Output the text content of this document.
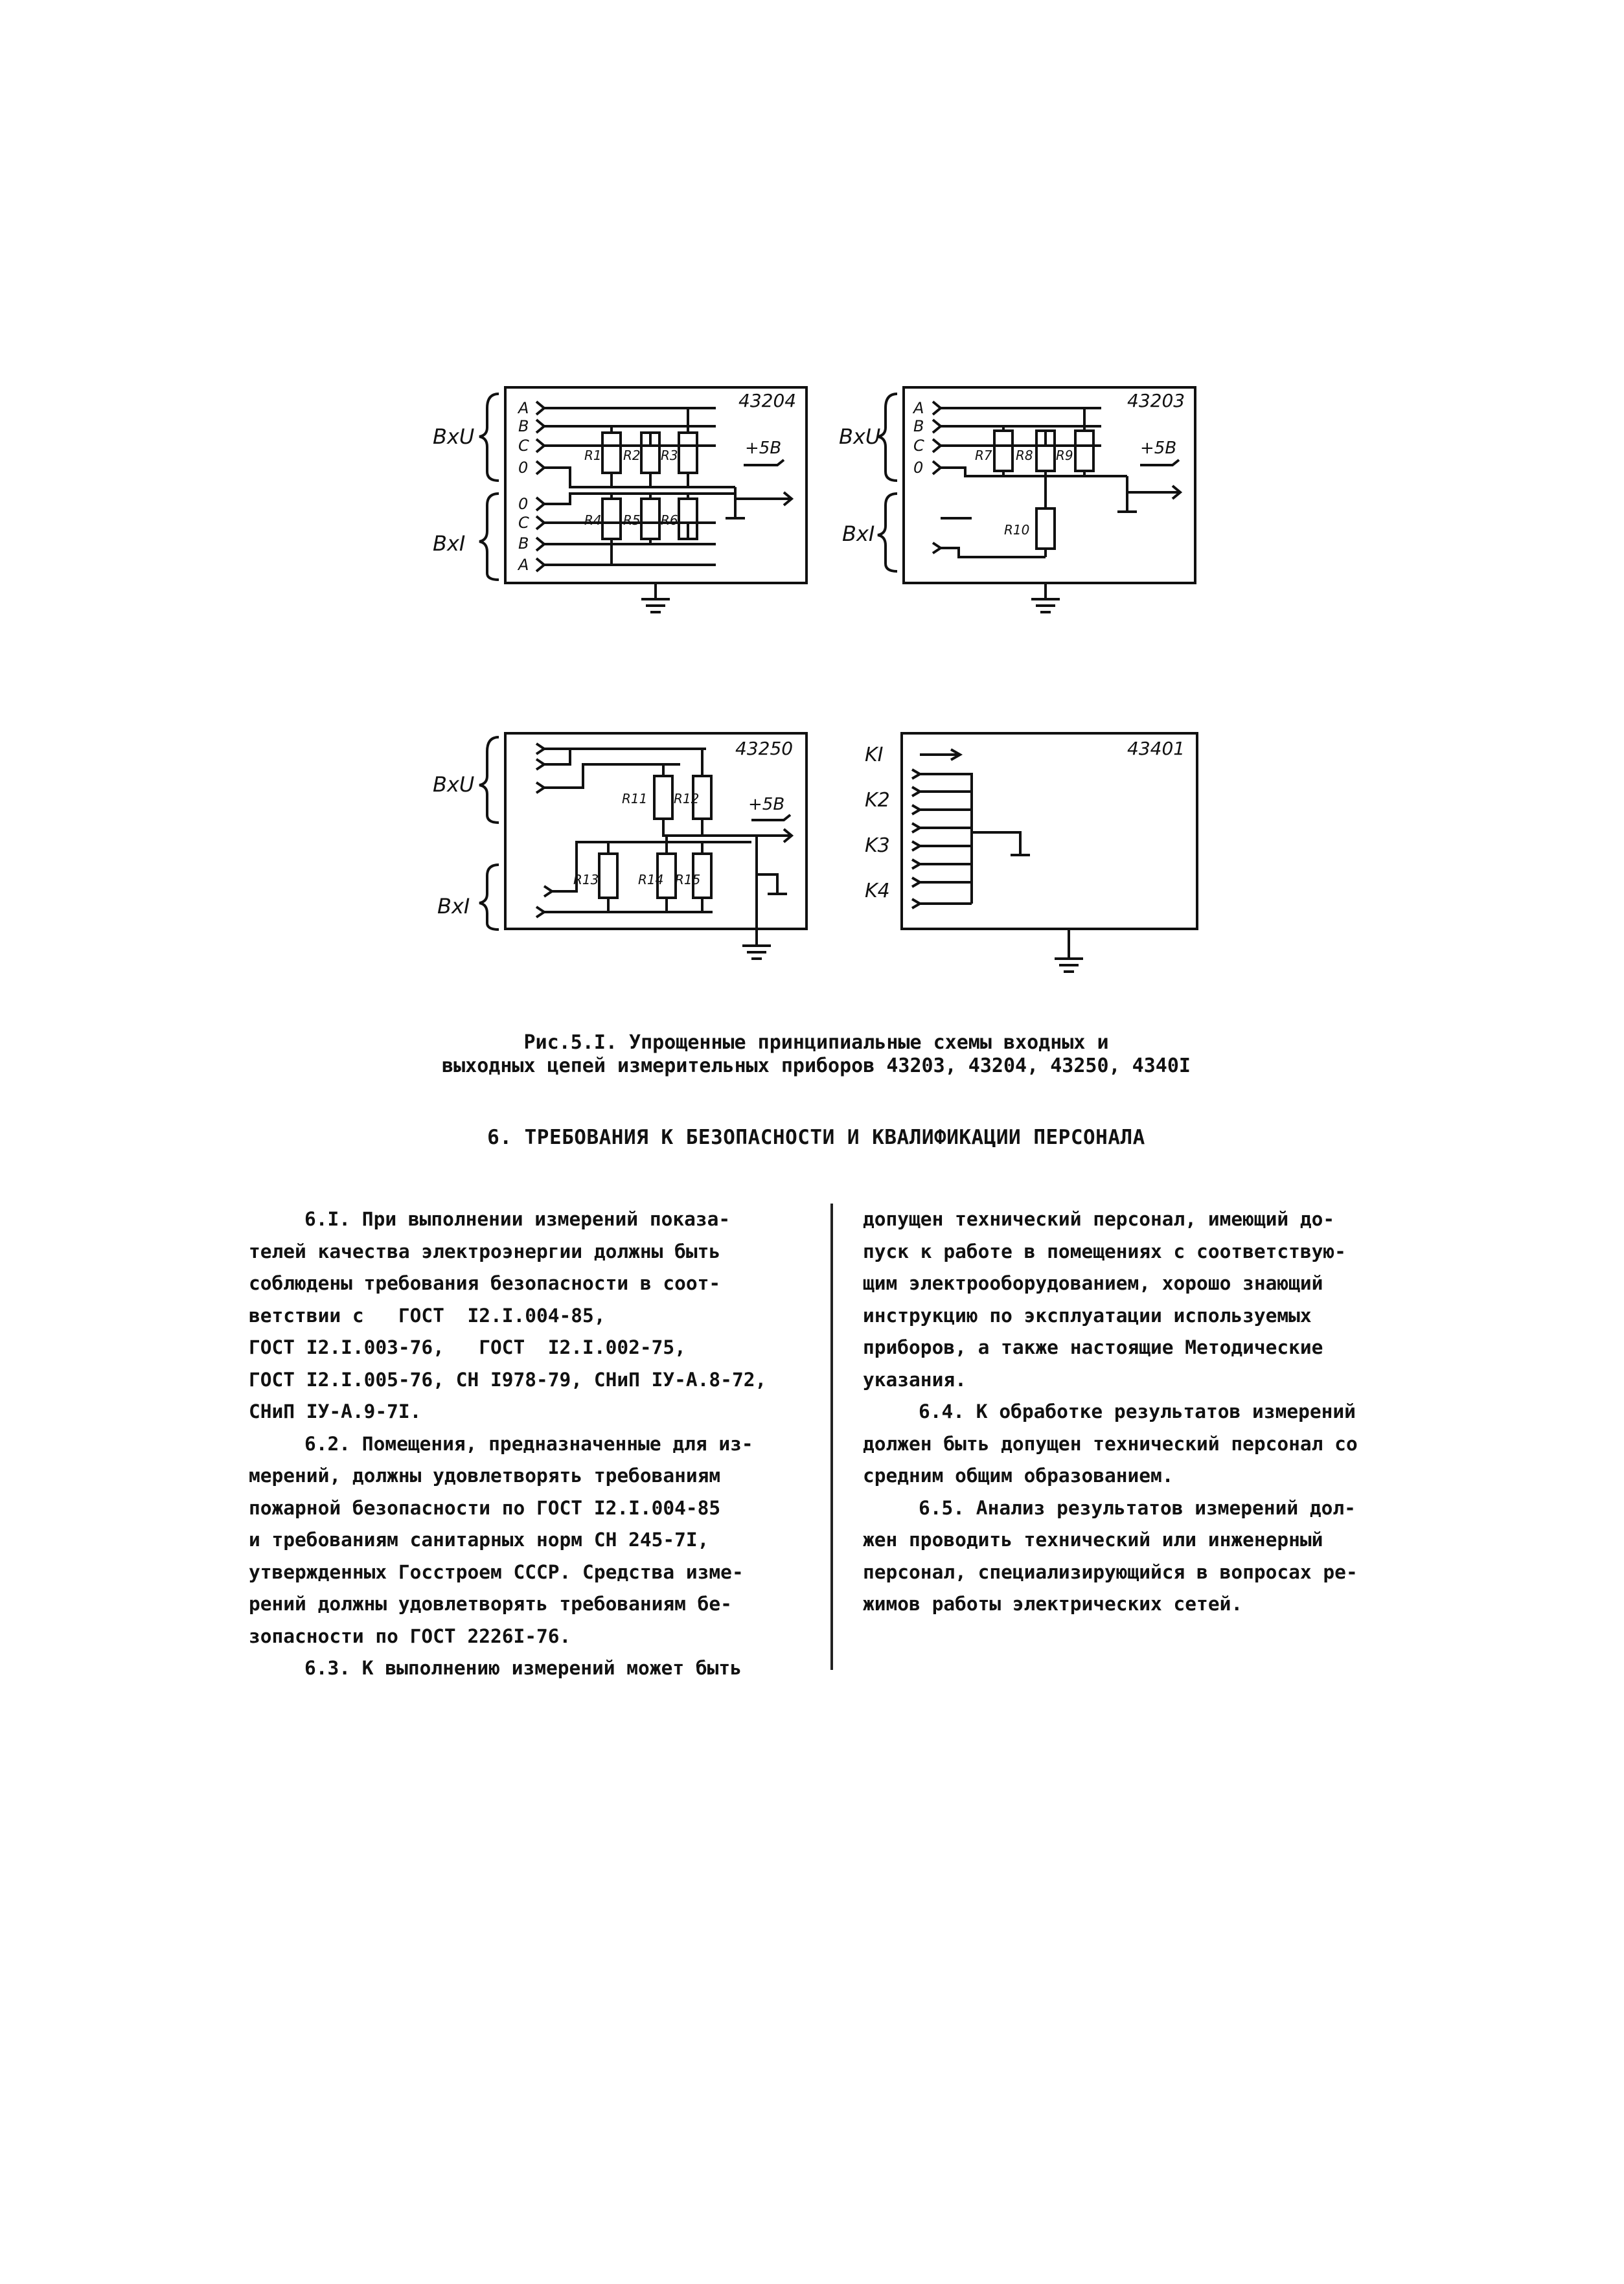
43204
BxU
BxI
A
B
C
0
0
C
B
A
R1 R2 R3
R4 R5 R6
+5B
43203
BxU
BxI
A
B
C
0
R7 R8 R9
R10
+5B
43250
BxU
BxI
R11 R12
R13	R14 R15
+5B
43401
KI
K2
K3
K4
Рис.5.I. Упрощенные принципиальные схемы входных и
выходных цепей измерительных приборов 43203, 43204, 43250, 4340I
6. ТРЕБОВАНИЯ К БЕЗОПАСНОСТИ И КВАЛИФИКАЦИИ ПЕРСОНАЛА
6.I. При выполнении измерений показа-
телей качества электроэнергии должны быть
соблюдены требования безопасности в соот-
ветствии с   ГОСТ  I2.I.004-85,
ГОСТ I2.I.003-76,   ГОСТ  I2.I.002-75,
ГОСТ I2.I.005-76, СН I978-79, СНиП IУ-А.8-72,
СНиП IУ-А.9-7I.
6.2. Помещения, предназначенные для из-
мерений, должны удовлетворять требованиям
пожарной безопасности по ГОСТ I2.I.004-85
и требованиям санитарных норм СН 245-7I,
утвержденных Госстроем СССР. Средства изме-
рений должны удовлетворять требованиям бе-
зопасности по ГОСТ 2226I-76.
6.3. К выполнению измерений может быть
допущен технический персонал, имеющий до-
пуск к работе в помещениях с соответствую-
щим электрооборудованием, хорошо знающий
инструкцию по эксплуатации используемых
приборов, а также настоящие Методические
указания.
6.4. К обработке результатов измерений
должен быть допущен технический персонал со
средним общим образованием.
6.5. Анализ результатов измерений дол-
жен проводить технический или инженерный
персонал, специализирующийся в вопросах ре-
жимов работы электрических сетей.
